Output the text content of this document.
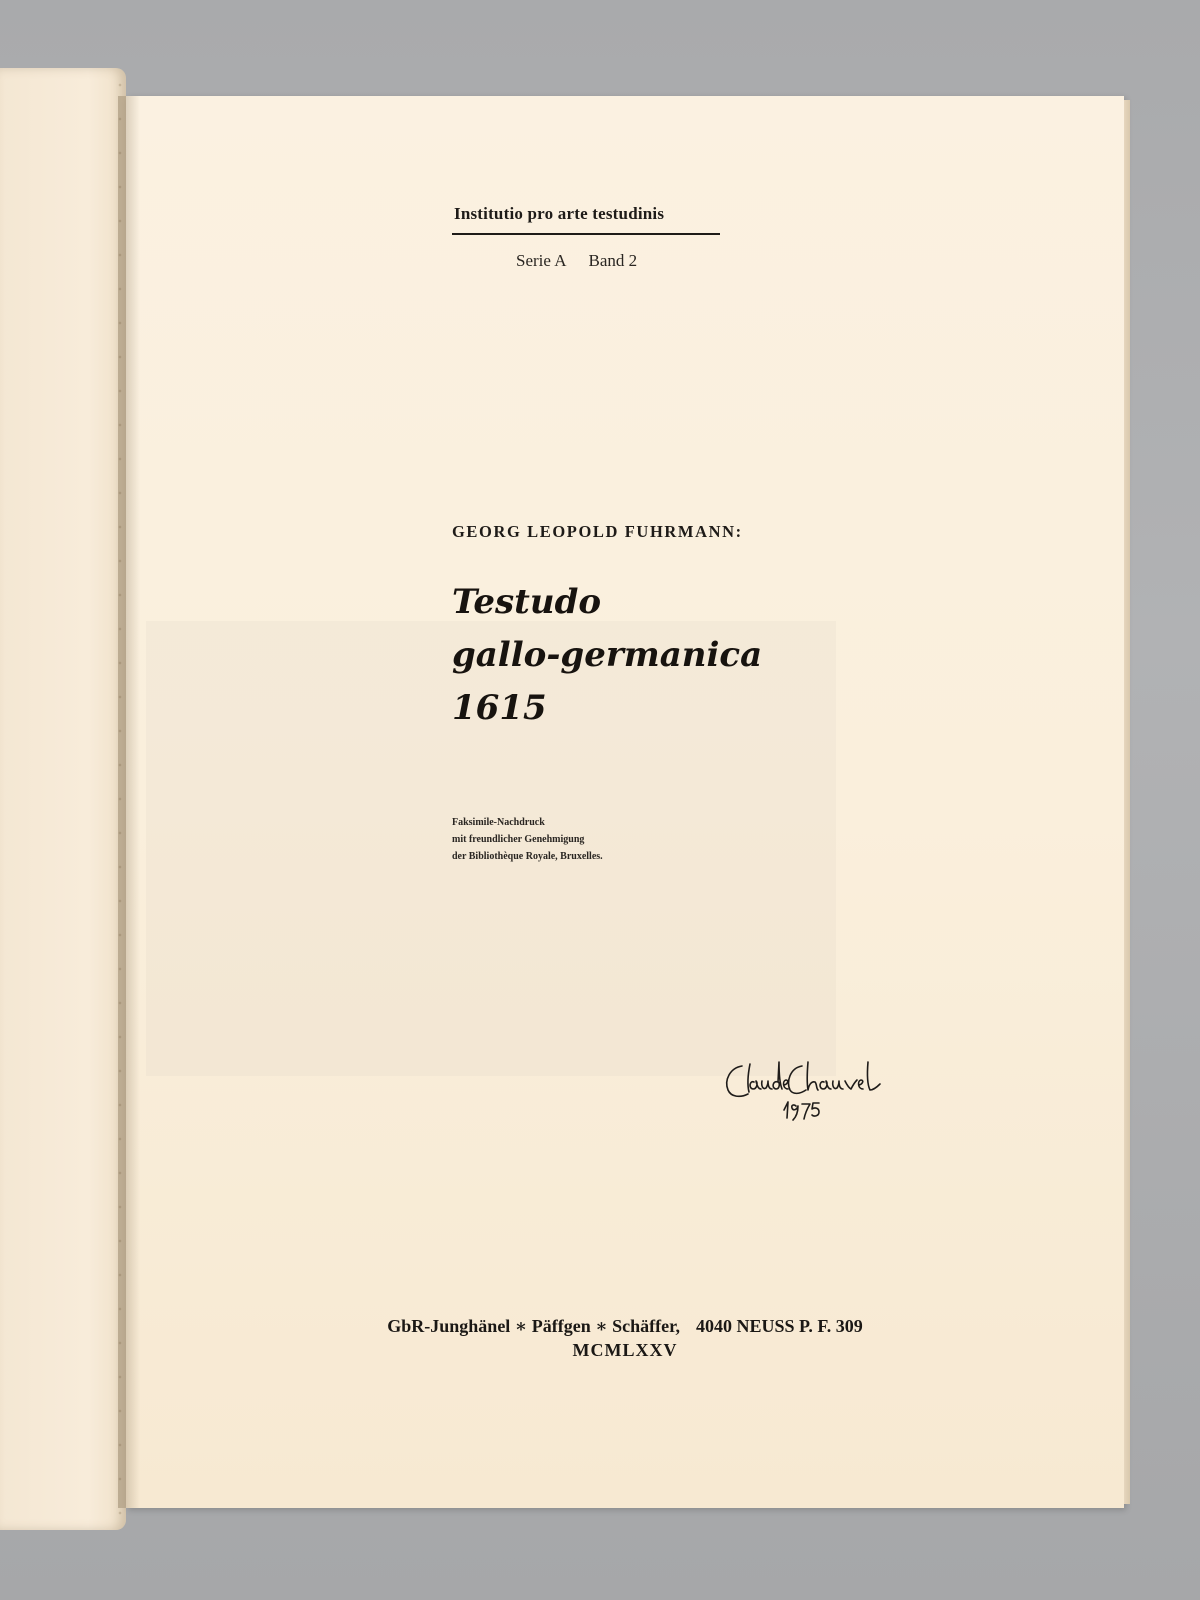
Institutio pro arte testudinis
Serie A Band 2
GEORG LEOPOLD FUHRMANN:
Testudo
gallo-germanica
1615
Faksimile-Nachdruck
mit freundlicher Genehmigung
der Bibliothèque Royale, Bruxelles.
GbR-Junghänel ∗ Päffgen ∗ Schäffer, 4040 NEUSS P. F. 309
MCMLXXV
